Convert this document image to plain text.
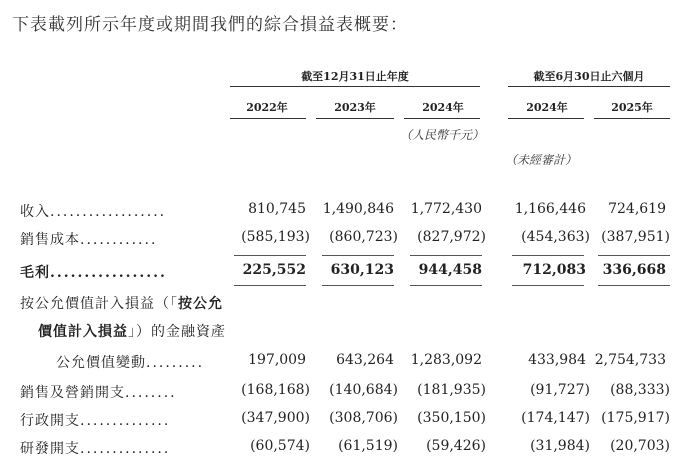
下表載列所示年度或期間我們的綜合損益表概要：
截至12月31日止年度	截至6月30日止六個月
2022年	2023年	2024年	2024年	2025年
（人民幣千元）
（未經審計）
收入..................	810,745 1,490,846 1,772,430 1,166,446 724,619
銷售成本............	(585,193) (860,723) (827,972)	(454,363) (387,951)
毛利.................	225,552 630,123 944,458	712,083 336,668
按公允價值計入損益（「按公允
價值計入損益」）的金融資產
公允價值變動.........	197,009 643,264 1,283,092	433,984 2,754,733
銷售及營銷開支........	(168,168) (140,684) (181,935)	(91,727) (88,333)
行政開支..............	(347,900) (308,706) (350,150)	(174,147) (175,917)
研發開支..............	(60,574) (61,519) (59,426)	(31,984) (20,703)
